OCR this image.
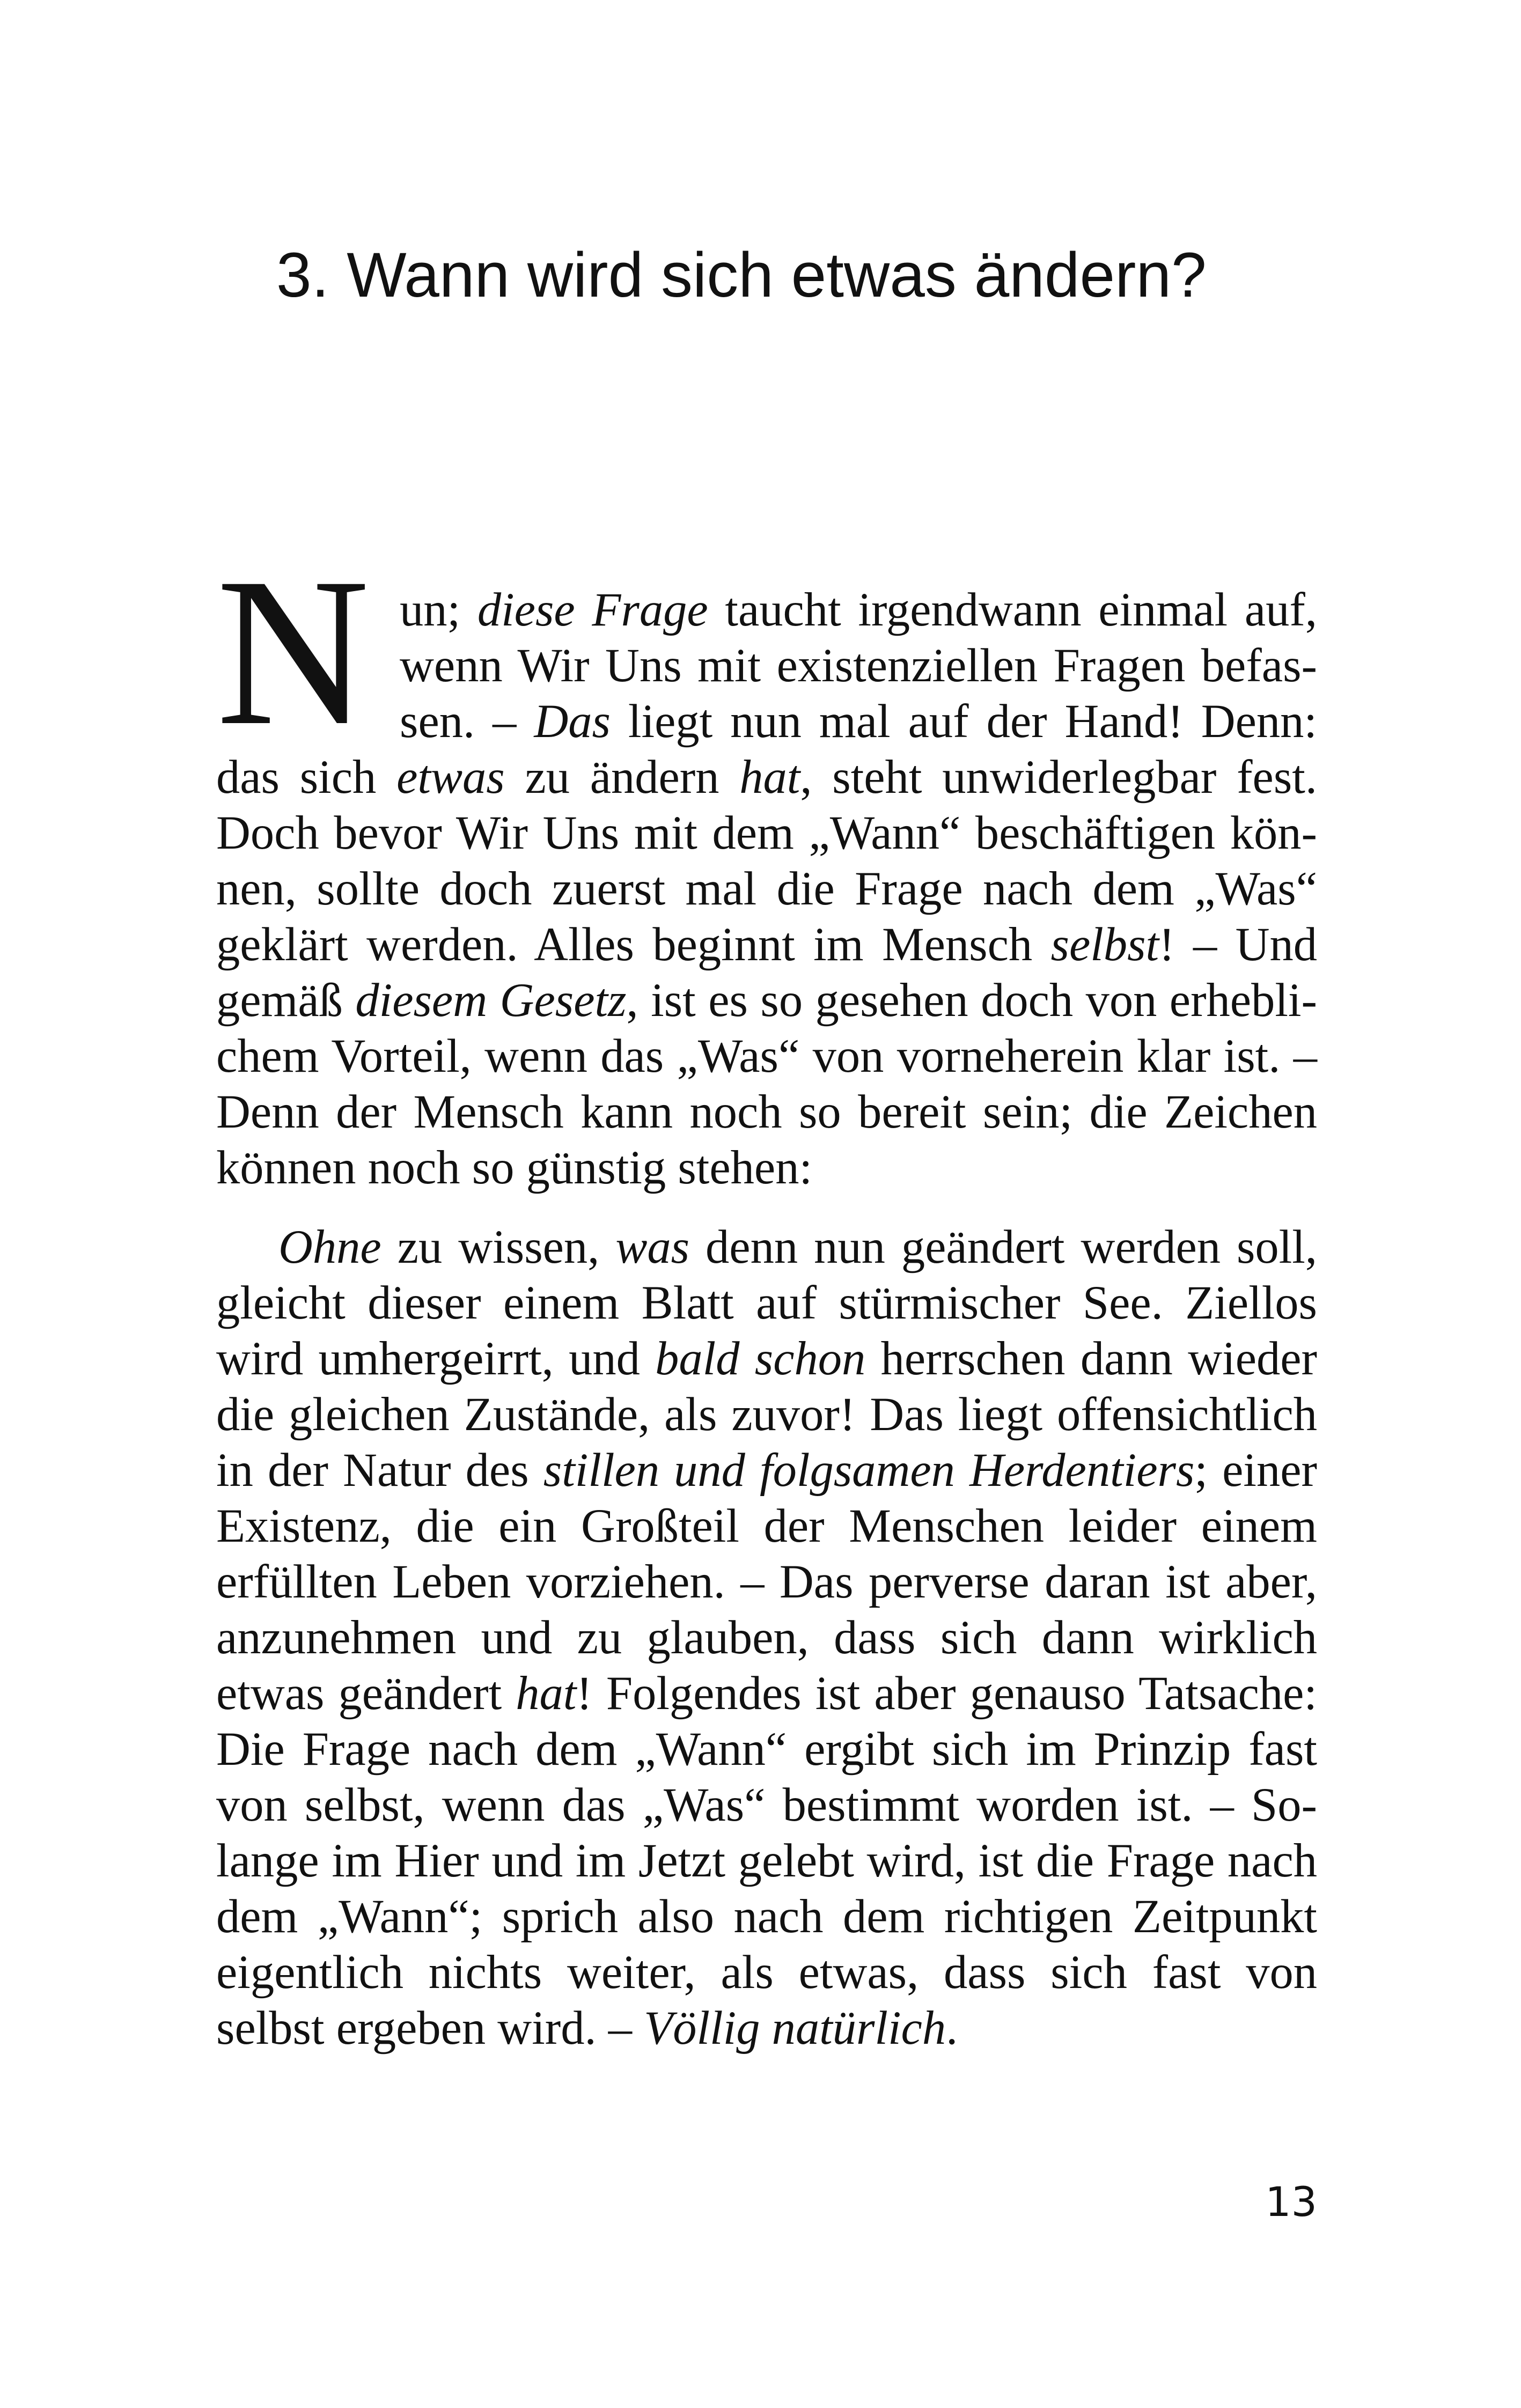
3. Wann wird sich etwas ändern?
N un; diese Frage taucht irgendwann einmal auf,
wenn Wir Uns mit existenziellen Fragen befas-
sen. – Das liegt nun mal auf der Hand! Denn:
das sich etwas zu ändern hat, steht unwiderlegbar fest.
Doch bevor Wir Uns mit dem „Wann“ beschäftigen kön-
nen, sollte doch zuerst mal die Frage nach dem „Was“
geklärt werden. Alles beginnt im Mensch selbst! – Und
gemäß diesem Gesetz, ist es so gesehen doch von erhebli-
chem Vorteil, wenn das „Was“ von vorneherein klar ist. –
Denn der Mensch kann noch so bereit sein; die Zeichen
können noch so günstig stehen:
Ohne zu wissen, was denn nun geändert werden soll,
gleicht dieser einem Blatt auf stürmischer See. Ziellos
wird umhergeirrt, und bald schon herrschen dann wieder
die gleichen Zustände, als zuvor! Das liegt offensichtlich
in der Natur des stillen und folgsamen Herdentiers; einer
Existenz, die ein Großteil der Menschen leider einem
erfüllten Leben vorziehen. – Das perverse daran ist aber,
anzunehmen und zu glauben, dass sich dann wirklich
etwas geändert hat! Folgendes ist aber genauso Tatsache:
Die Frage nach dem „Wann“ ergibt sich im Prinzip fast
von selbst, wenn das „Was“ bestimmt worden ist. – So-
lange im Hier und im Jetzt gelebt wird, ist die Frage nach
dem „Wann“; sprich also nach dem richtigen Zeitpunkt
eigentlich nichts weiter, als etwas, dass sich fast von
selbst ergeben wird. – Völlig natürlich.
13
